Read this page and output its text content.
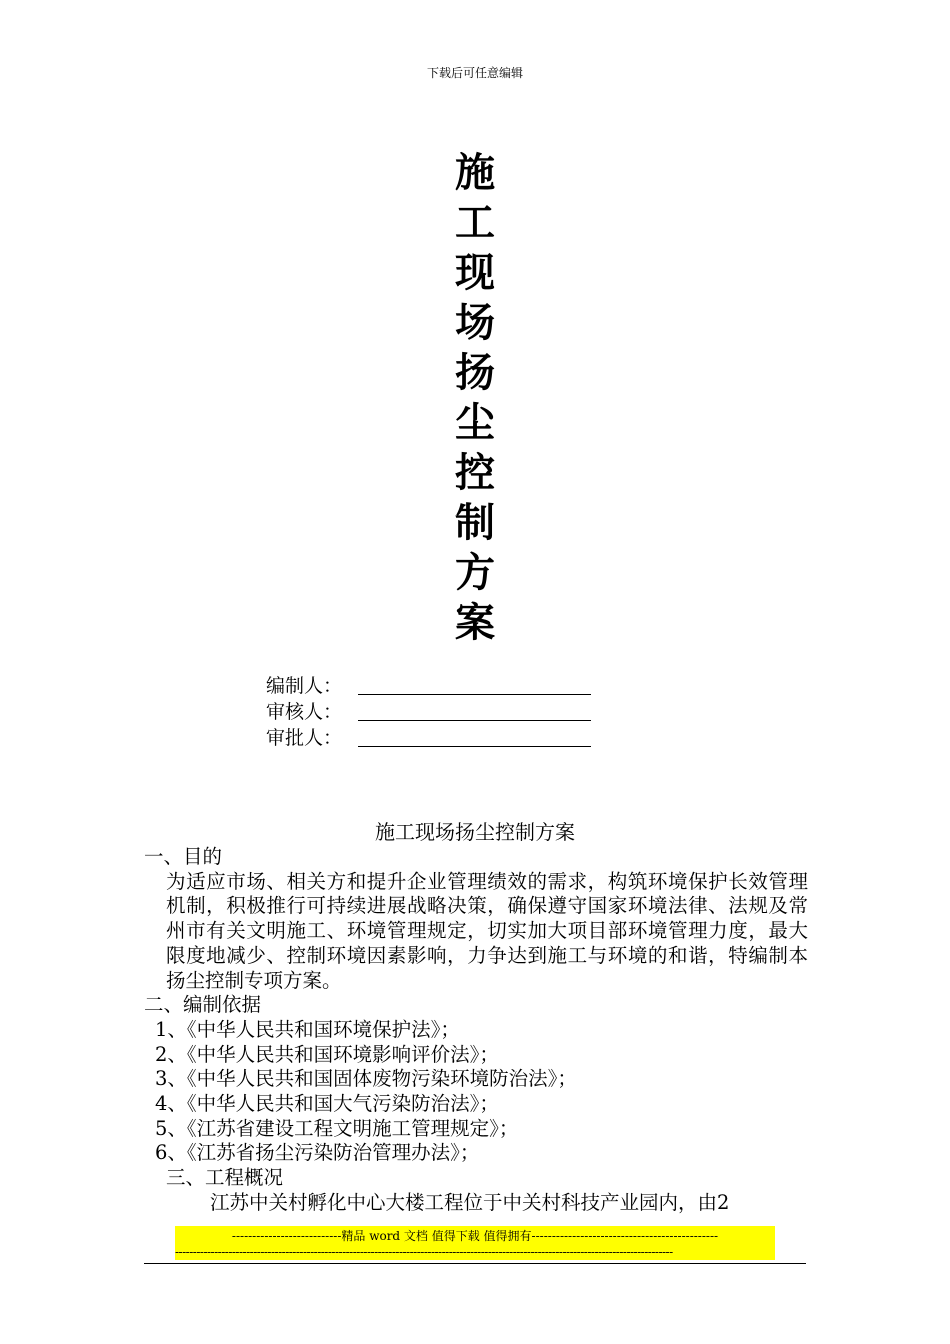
下载后可任意编辑
施
工
现
场
扬
尘
控
制
方
案
编制人：
审核人：
审批人：
施工现场扬尘控制方案

一、目的

为适应市场、相关方和提升企业管理绩效的需求，构筑环境保护长效管理机制，积极推行可持续进展战略决策，确保遵守国家环境法律、法规及常州市有关文明施工、环境管理规定，切实加大项目部环境管理力度，最大限度地减少、控制环境因素影响，力争达到施工与环境的和谐，特编制本扬尘控制专项方案。

二、编制依据

1、《中华人民共和国环境保护法》；

2、《中华人民共和国环境影响评价法》；

3、《中华人民共和国固体废物污染环境防治法》；

4、《中华人民共和国大气污染防治法》；

5、《江苏省建设工程文明施工管理规定》；

6、《江苏省扬尘污染防治管理办法》；

三、工程概况

江苏中关村孵化中心大楼工程位于中关村科技产业园内，由2

---------------------------精品 word 文档 值得下载 值得拥有----------------------------------------------
--------------------------------------------------------------------------------------------------------------------------------------------
